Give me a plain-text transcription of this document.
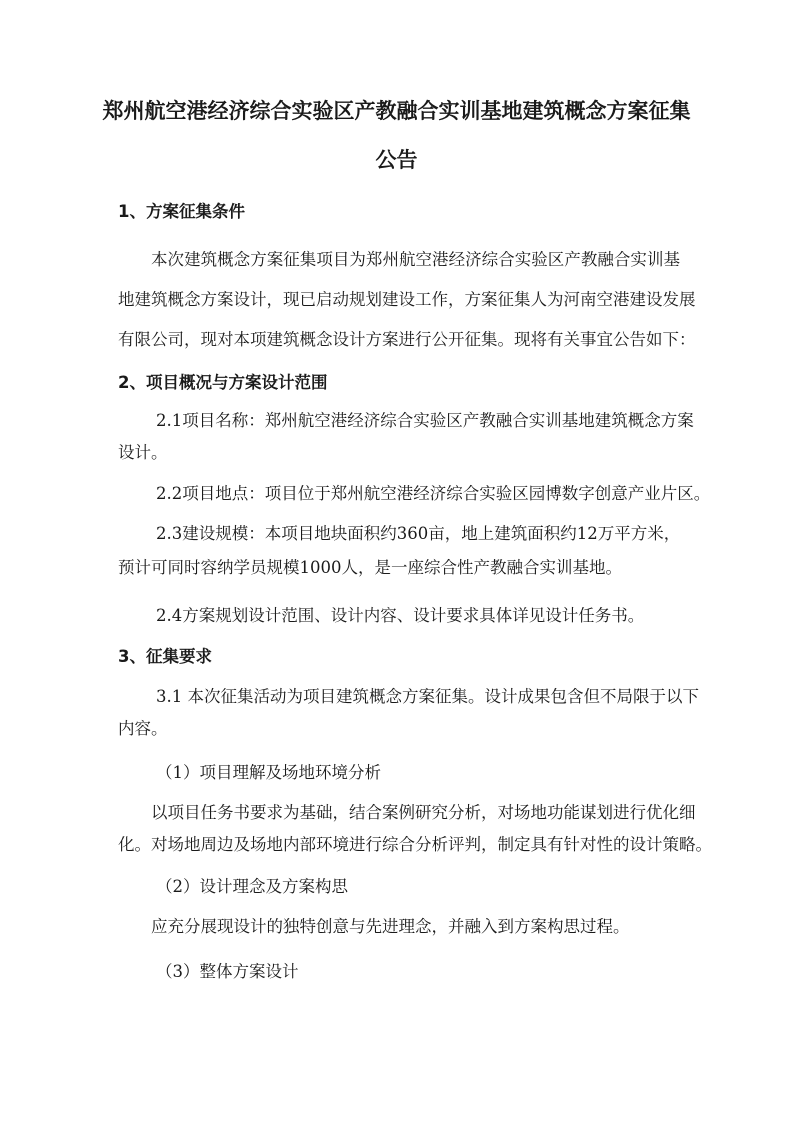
郑州航空港经济综合实验区产教融合实训基地建筑概念方案征集
公告
1、方案征集条件
本次建筑概念方案征集项目为郑州航空港经济综合实验区产教融合实训基
地建筑概念方案设计，现已启动规划建设工作，方案征集人为河南空港建设发展
有限公司，现对本项建筑概念设计方案进行公开征集。现将有关事宜公告如下：
2、项目概况与方案设计范围
2.1项目名称：郑州航空港经济综合实验区产教融合实训基地建筑概念方案
设计。
2.2项目地点：项目位于郑州航空港经济综合实验区园博数字创意产业片区。
2.3建设规模：本项目地块面积约360亩，地上建筑面积约12万平方米，
预计可同时容纳学员规模1000人，是一座综合性产教融合实训基地。
2.4方案规划设计范围、设计内容、设计要求具体详见设计任务书。
3、征集要求
3.1 本次征集活动为项目建筑概念方案征集。设计成果包含但不局限于以下
内容。
（1）项目理解及场地环境分析
以项目任务书要求为基础，结合案例研究分析，对场地功能谋划进行优化细
化。对场地周边及场地内部环境进行综合分析评判，制定具有针对性的设计策略。
（2）设计理念及方案构思
应充分展现设计的独特创意与先进理念，并融入到方案构思过程。
（3）整体方案设计
